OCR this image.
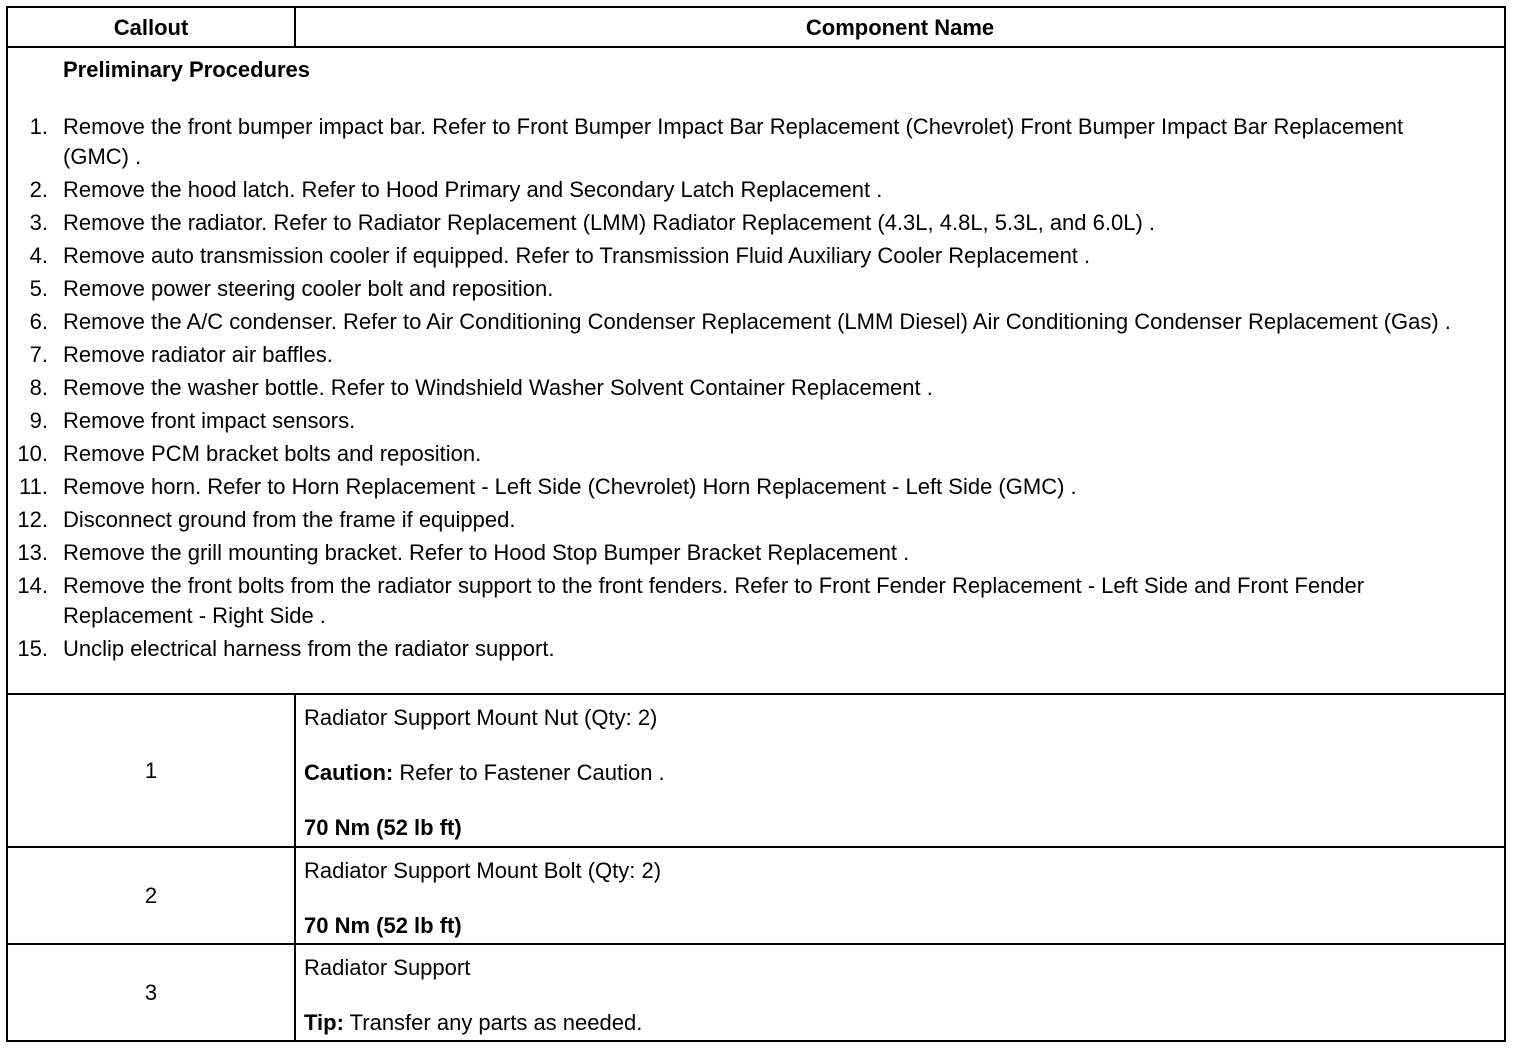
Callout	Component Name
Preliminary Procedures
1. Remove the front bumper impact bar. Refer to Front Bumper Impact Bar Replacement (Chevrolet) Front Bumper Impact Bar Replacement (GMC) .
2. Remove the hood latch. Refer to Hood Primary and Secondary Latch Replacement .
3. Remove the radiator. Refer to Radiator Replacement (LMM) Radiator Replacement (4.3L, 4.8L, 5.3L, and 6.0L) .
4. Remove auto transmission cooler if equipped. Refer to Transmission Fluid Auxiliary Cooler Replacement .
5. Remove power steering cooler bolt and reposition.
6. Remove the A/C condenser. Refer to Air Conditioning Condenser Replacement (LMM Diesel) Air Conditioning Condenser Replacement (Gas) .
7. Remove radiator air baffles.
8. Remove the washer bottle. Refer to Windshield Washer Solvent Container Replacement .
9. Remove front impact sensors.
10. Remove PCM bracket bolts and reposition.
11. Remove horn. Refer to Horn Replacement - Left Side (Chevrolet) Horn Replacement - Left Side (GMC) .
12. Disconnect ground from the frame if equipped.
13. Remove the grill mounting bracket. Refer to Hood Stop Bumper Bracket Replacement .
14. Remove the front bolts from the radiator support to the front fenders. Refer to Front Fender Replacement - Left Side and Front Fender Replacement - Right Side .
15. Unclip electrical harness from the radiator support.
1

Radiator Support Mount Nut (Qty: 2)

Caution: Refer to Fastener Caution .

70 Nm (52 lb ft)

2

Radiator Support Mount Bolt (Qty: 2)

70 Nm (52 lb ft)

3

Radiator Support

Tip: Transfer any parts as needed.
